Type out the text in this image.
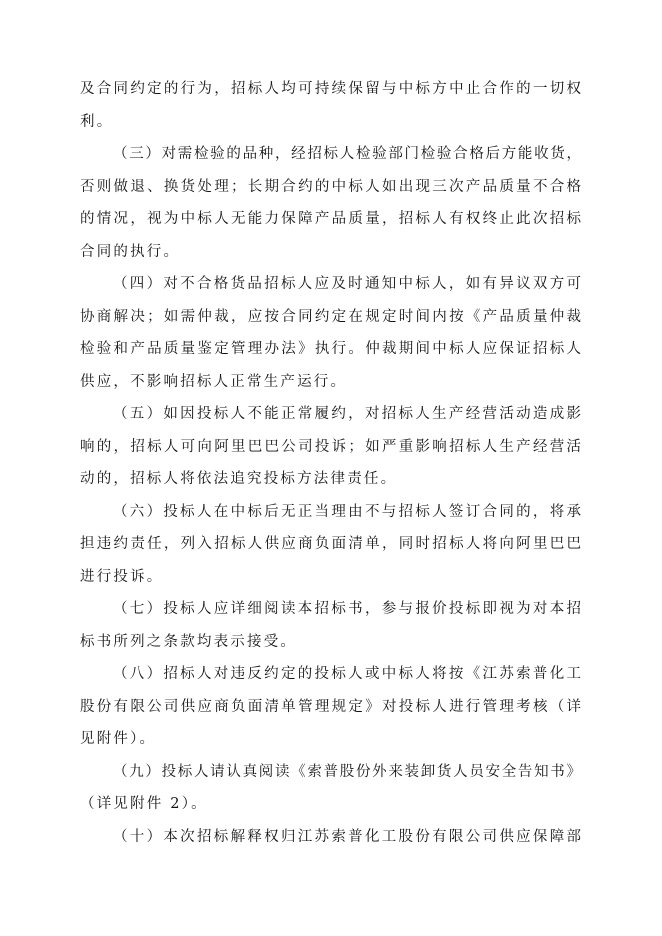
及合同约定的行为，招标人均可持续保留与中标方中止合作的一切权
利。
（三）对需检验的品种，经招标人检验部门检验合格后方能收货，
否则做退、换货处理；长期合约的中标人如出现三次产品质量不合格
的情况，视为中标人无能力保障产品质量，招标人有权终止此次招标
合同的执行。
（四）对不合格货品招标人应及时通知中标人，如有异议双方可
协商解决；如需仲裁，应按合同约定在规定时间内按《产品质量仲裁
检验和产品质量鉴定管理办法》执行。仲裁期间中标人应保证招标人
供应，不影响招标人正常生产运行。
（五）如因投标人不能正常履约，对招标人生产经营活动造成影
响的，招标人可向阿里巴巴公司投诉；如严重影响招标人生产经营活
动的，招标人将依法追究投标方法律责任。
（六）投标人在中标后无正当理由不与招标人签订合同的，将承
担违约责任，列入招标人供应商负面清单，同时招标人将向阿里巴巴
进行投诉。
（七）投标人应详细阅读本招标书，参与报价投标即视为对本招
标书所列之条款均表示接受。
（八）招标人对违反约定的投标人或中标人将按《江苏索普化工
股份有限公司供应商负面清单管理规定》对投标人进行管理考核（详
见附件）。
（九）投标人请认真阅读《索普股份外来装卸货人员安全告知书》
（详见附件 2）。
（十）本次招标解释权归江苏索普化工股份有限公司供应保障部
